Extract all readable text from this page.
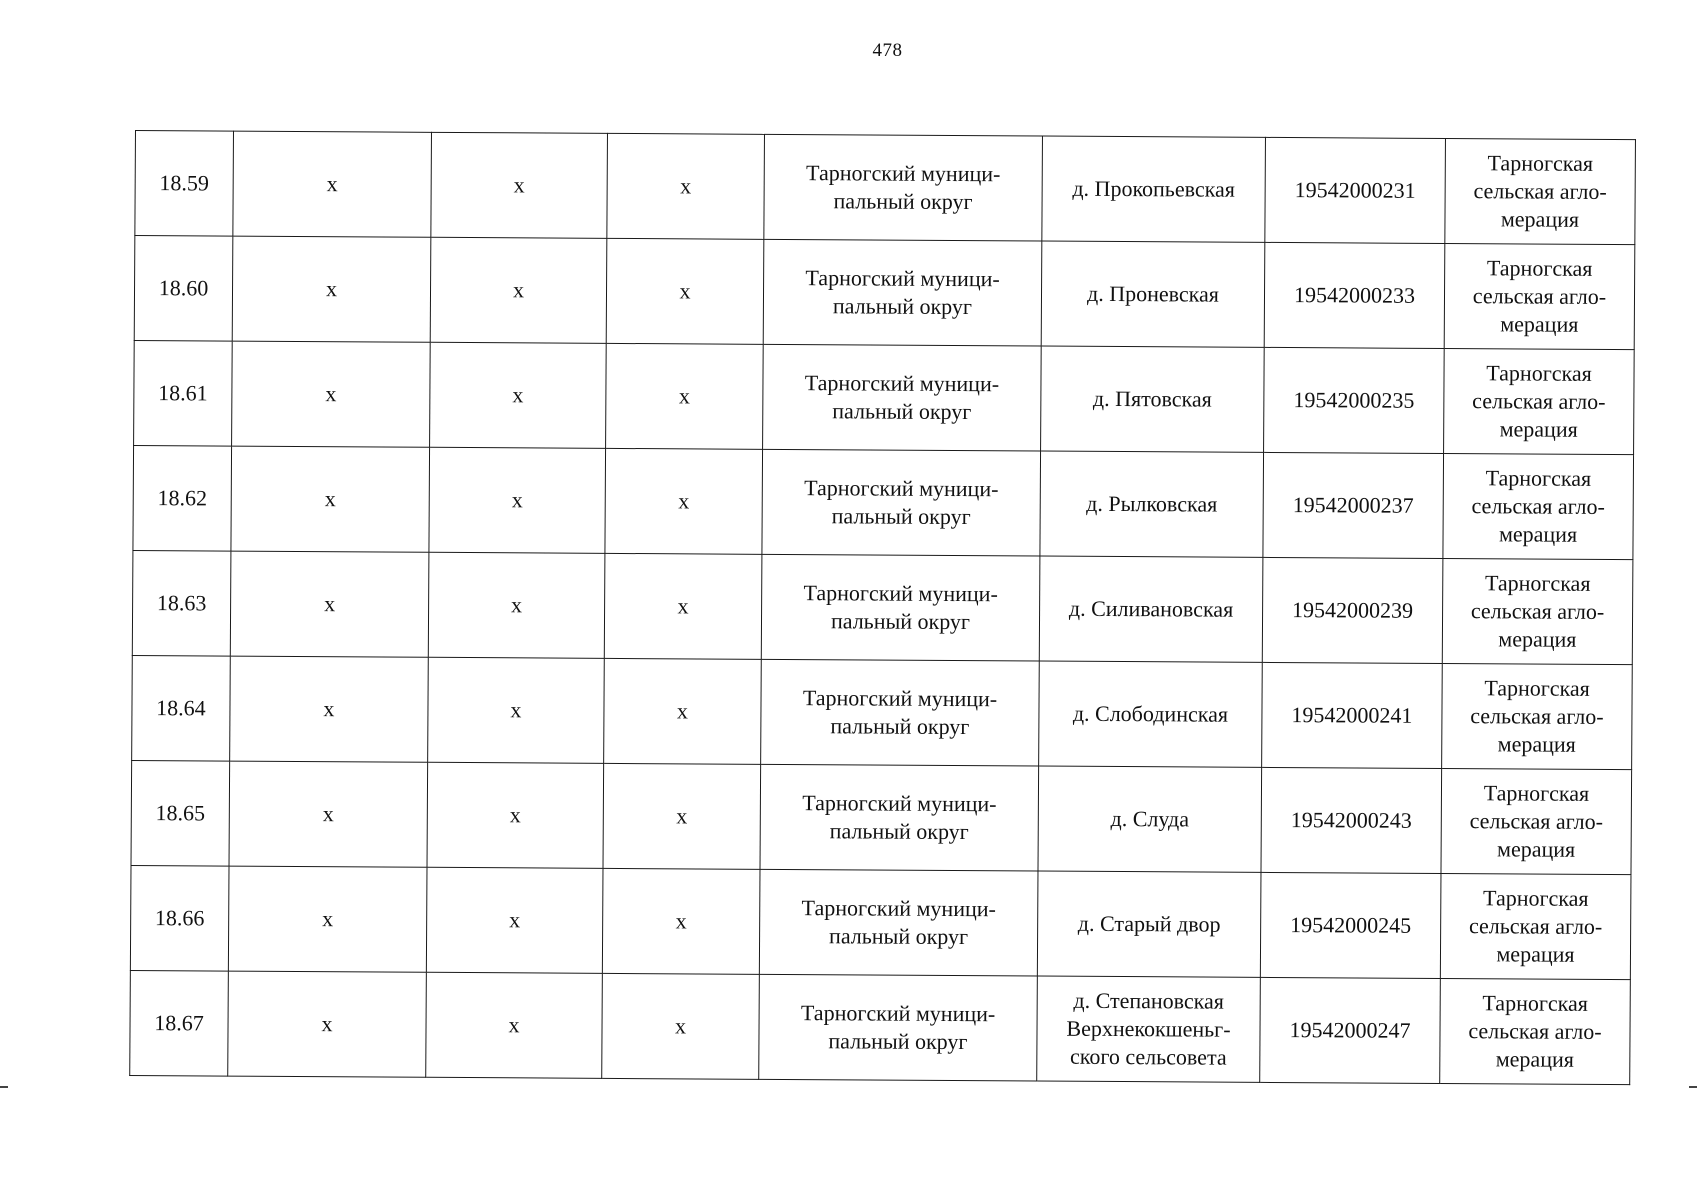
478
18.59	x	x	x	Тарногский муници-
пальный округ	д. Прокопьевская	19542000231	Тарногская
сельская агло-
мерация
18.60	x	x	x	Тарногский муници-
пальный округ	д. Проневская	19542000233	Тарногская
сельская агло-
мерация
18.61	x	x	x	Тарногский муници-
пальный округ	д. Пятовская	19542000235	Тарногская
сельская агло-
мерация
18.62	x	x	x	Тарногский муници-
пальный округ	д. Рылковская	19542000237	Тарногская
сельская агло-
мерация
18.63	x	x	x	Тарногский муници-
пальный округ	д. Силивановская	19542000239	Тарногская
сельская агло-
мерация
18.64	x	x	x	Тарногский муници-
пальный округ	д. Слободинская	19542000241	Тарногская
сельская агло-
мерация
18.65	x	x	x	Тарногский муници-
пальный округ	д. Слуда	19542000243	Тарногская
сельская агло-
мерация
18.66	x	x	x	Тарногский муници-
пальный округ	д. Старый двор	19542000245	Тарногская
сельская агло-
мерация
18.67	x	x	x	Тарногский муници-
пальный округ	д. Степановская
Верхнекокшеньг-
ского сельсовета	19542000247	Тарногская
сельская агло-
мерация
